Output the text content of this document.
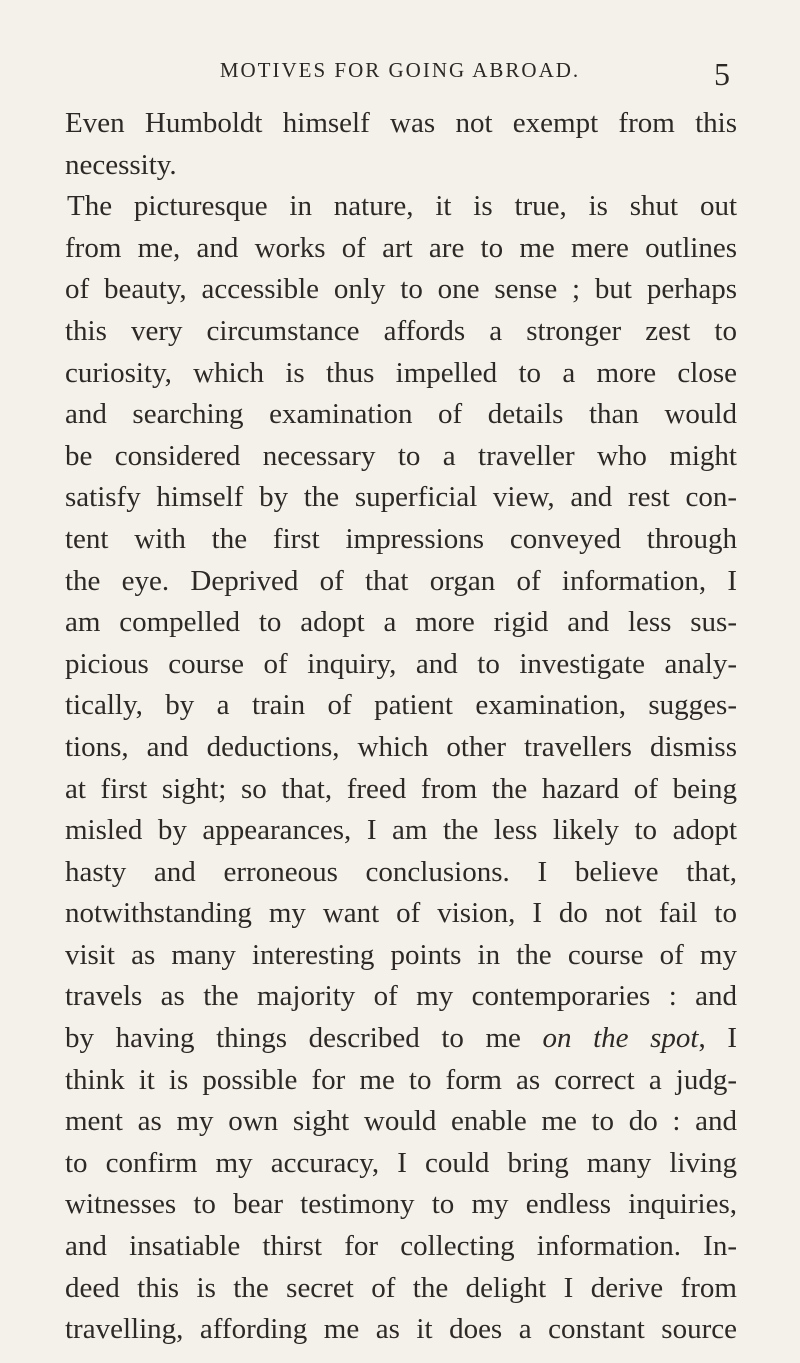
MOTIVES FOR GOING ABROAD.	5
Even Humboldt himself was not exempt from this
necessity.
The picturesque in nature, it is true, is shut out
from me, and works of art are to me mere outlines
of beauty, accessible only to one sense ; but perhaps
this very circumstance affords a stronger zest to
curiosity, which is thus impelled to a more close
and searching examination of details than would
be considered necessary to a traveller who might
satisfy himself by the superficial view, and rest con-
tent with the first impressions conveyed through
the eye. Deprived of that organ of information, I
am compelled to adopt a more rigid and less sus-
picious course of inquiry, and to investigate analy-
tically, by a train of patient examination, sugges-
tions, and deductions, which other travellers dismiss
at first sight; so that, freed from the hazard of being
misled by appearances, I am the less likely to adopt
hasty and erroneous conclusions. I believe that,
notwithstanding my want of vision, I do not fail to
visit as many interesting points in the course of my
travels as the majority of my contemporaries : and
by having things described to me on the spot, I
think it is possible for me to form as correct a judg-
ment as my own sight would enable me to do : and
to confirm my accuracy, I could bring many living
witnesses to bear testimony to my endless inquiries,
and insatiable thirst for collecting information. In-
deed this is the secret of the delight I derive from
travelling, affording me as it does a constant source
